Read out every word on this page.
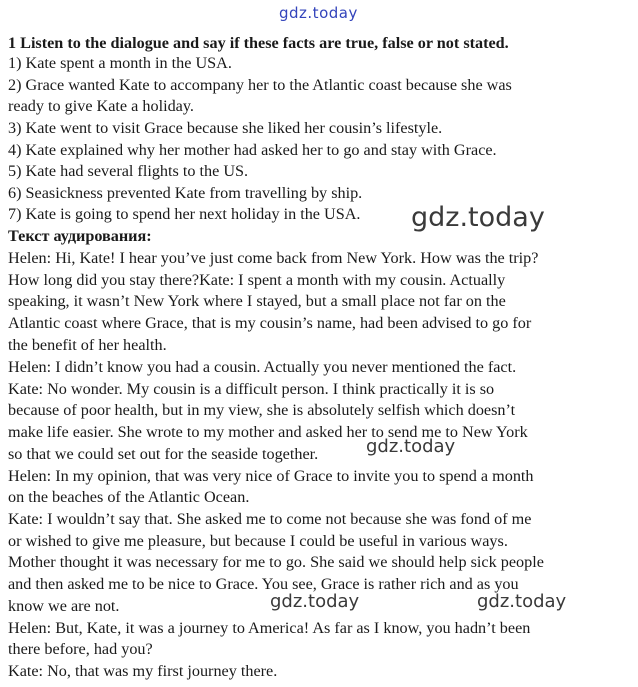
gdz.today
1 Listen to the dialogue and say if these facts are true, false or not stated.
1) Kate spent a month in the USA.
2) Grace wanted Kate to accompany her to the Atlantic coast because she was
ready to give Kate a holiday.
3) Kate went to visit Grace because she liked her cousin’s lifestyle.
4) Kate explained why her mother had asked her to go and stay with Grace.
5) Kate had several flights to the US.
6) Seasickness prevented Kate from travelling by ship.
7) Kate is going to spend her next holiday in the USA.
Текст аудирования:
Helen: Hi, Kate! I hear you’ve just come back from New York. How was the trip?
How long did you stay there?Kate: I spent a month with my cousin. Actually
speaking, it wasn’t New York where I stayed, but a small place not far on the
Atlantic coast where Grace, that is my cousin’s name, had been advised to go for
the benefit of her health.
Helen: I didn’t know you had a cousin. Actually you never mentioned the fact.
Kate: No wonder. My cousin is a difficult person. I think practically it is so
because of poor health, but in my view, she is absolutely selfish which doesn’t
make life easier. She wrote to my mother and asked her to send me to New York
so that we could set out for the seaside together.
Helen: In my opinion, that was very nice of Grace to invite you to spend a month
on the beaches of the Atlantic Ocean.
Kate: I wouldn’t say that. She asked me to come not because she was fond of me
or wished to give me pleasure, but because I could be useful in various ways.
Mother thought it was necessary for me to go. She said we should help sick people
and then asked me to be nice to Grace. You see, Grace is rather rich and as you
know we are not.
Helen: But, Kate, it was a journey to America! As far as I know, you hadn’t been
there before, had you?
Kate: No, that was my first journey there.
gdz.today
gdz.today
gdz.today	gdz.today
